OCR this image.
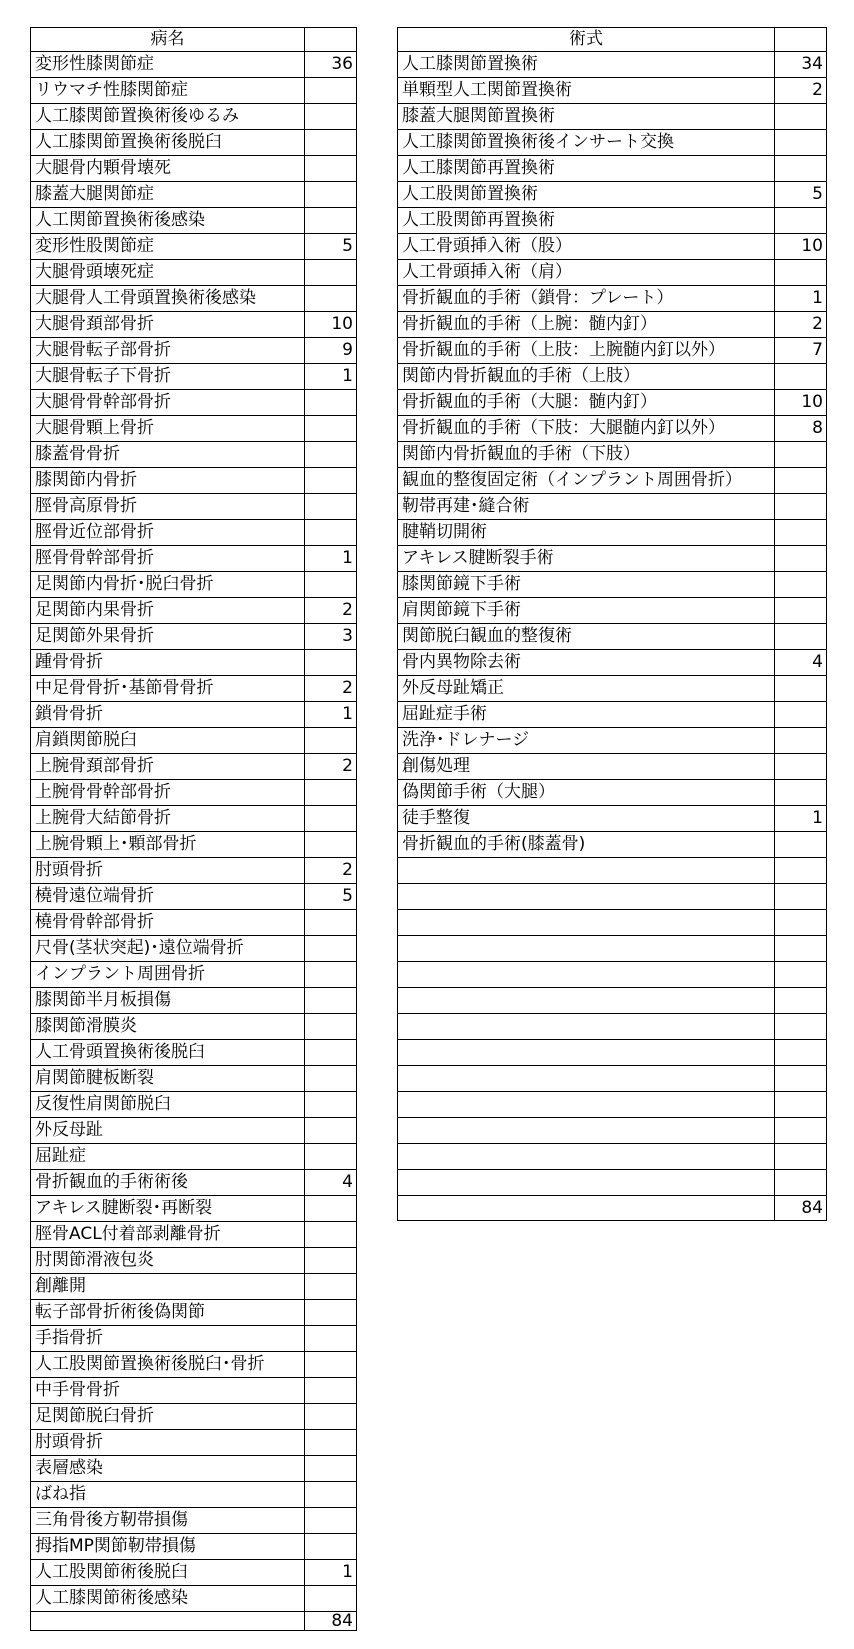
病名	
変形性膝関節症	36
リウマチ性膝関節症	
人工膝関節置換術後ゆるみ	
人工膝関節置換術後脱臼	
大腿骨内顆骨壊死	
膝蓋大腿関節症	
人工関節置換術後感染	
変形性股関節症	5
大腿骨頭壊死症	
大腿骨人工骨頭置換術後感染	
大腿骨頚部骨折	10
大腿骨転子部骨折	9
大腿骨転子下骨折	1
大腿骨骨幹部骨折	
大腿骨顆上骨折	
膝蓋骨骨折	
膝関節内骨折	
脛骨高原骨折	
脛骨近位部骨折	
脛骨骨幹部骨折	1
足関節内骨折･脱臼骨折	
足関節内果骨折	2
足関節外果骨折	3
踵骨骨折	
中足骨骨折･基節骨骨折	2
鎖骨骨折	1
肩鎖関節脱臼	
上腕骨頚部骨折	2
上腕骨骨幹部骨折	
上腕骨大結節骨折	
上腕骨顆上･顆部骨折	
肘頭骨折	2
橈骨遠位端骨折	5
橈骨骨幹部骨折	
尺骨(茎状突起)･遠位端骨折	
インプラント周囲骨折	
膝関節半月板損傷	
膝関節滑膜炎	
人工骨頭置換術後脱臼	
肩関節腱板断裂	
反復性肩関節脱臼	
外反母趾	
屈趾症	
骨折観血的手術術後	4
アキレス腱断裂･再断裂	
脛骨ACL付着部剥離骨折	
肘関節滑液包炎	
創離開	
転子部骨折術後偽関節	
手指骨折	
人工股関節置換術後脱臼･骨折	
中手骨骨折	
足関節脱臼骨折	
肘頭骨折	
表層感染	
ばね指	
三角骨後方靭帯損傷	
拇指MP関節靭帯損傷	
人工股関節術後脱臼	1
人工膝関節術後感染	
	84
術式	
人工膝関節置換術	34
単顆型人工関節置換術	2
膝蓋大腿関節置換術	
人工膝関節置換術後インサート交換	
人工膝関節再置換術	
人工股関節置換術	5
人工股関節再置換術	
人工骨頭挿入術（股）	10
人工骨頭挿入術（肩）	
骨折観血的手術（鎖骨：プレート）	1
骨折観血的手術（上腕：髄内釘）	2
骨折観血的手術（上肢：上腕髄内釘以外）	7
関節内骨折観血的手術（上肢）	
骨折観血的手術（大腿：髄内釘）	10
骨折観血的手術（下肢：大腿髄内釘以外）	8
関節内骨折観血的手術（下肢）	
観血的整復固定術（インプラント周囲骨折）	
靭帯再建･縫合術	
腱鞘切開術	
アキレス腱断裂手術	
膝関節鏡下手術	
肩関節鏡下手術	
関節脱臼観血的整復術	
骨内異物除去術	4
外反母趾矯正	
屈趾症手術	
洗浄･ドレナージ	
創傷処理	
偽関節手術（大腿）	
徒手整復	1
骨折観血的手術(膝蓋骨)	

	84
